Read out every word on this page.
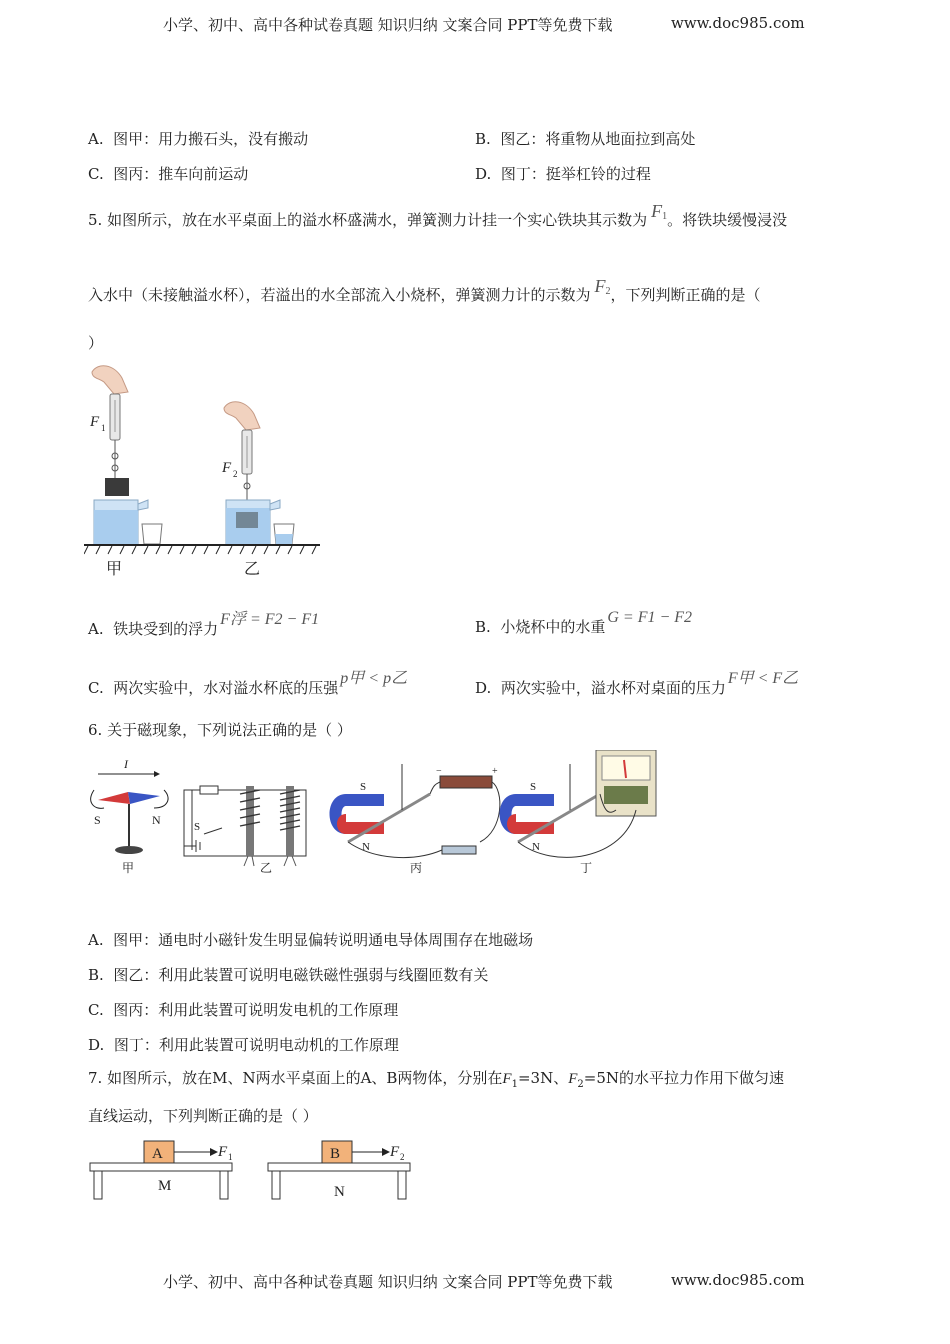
小学、初中、高中各种试卷真题 知识归纳 文案合同 PPT等免费下载	www.doc985.com
A. 图甲：用力搬石头，没有搬动	B. 图乙：将重物从地面拉到高处
C. 图丙：推车向前运动	D. 图丁：挺举杠铃的过程
5. 如图所示，放在水平桌面上的溢水杯盛满水，弹簧测力计挂一个实心铁块其示数为 $F^1$。将铁块缓慢浸没
入水中（未接触溢水杯），若溢出的水全部流入小烧杯，弹簧测力计的示数为 $F^2$，下列判断正确的是（
）
F 1
F 2
甲	乙
A. 铁块受到的浮力F浮 = F2 − F1	B. 小烧杯中的水重G = F1 − F2
C. 两次实验中，水对溢水杯底的压强p甲 < p乙
D. 两次实验中，溢水杯对桌面的压力F甲 < F乙
6. 关于磁现象，下列说法正确的是（ ）
I
S	N
甲
S
乙
S
N
−	+
丙
S
N
丁
A. 图甲：通电时小磁针发生明显偏转说明通电导体周围存在地磁场
B. 图乙：利用此装置可说明电磁铁磁性强弱与线圈匝数有关
C. 图丙：利用此装置可说明发电机的工作原理
D. 图丁：利用此装置可说明电动机的工作原理
7. 如图所示，放在M、N两水平桌面上的A、B两物体，分别在$F_1=3N$、$F_2=5N$的水平拉力作用下做匀速
直线运动，下列判断正确的是（ ）
A	F 1
M
B	F 2
N
小学、初中、高中各种试卷真题 知识归纳 文案合同 PPT等免费下载	www.doc985.com
